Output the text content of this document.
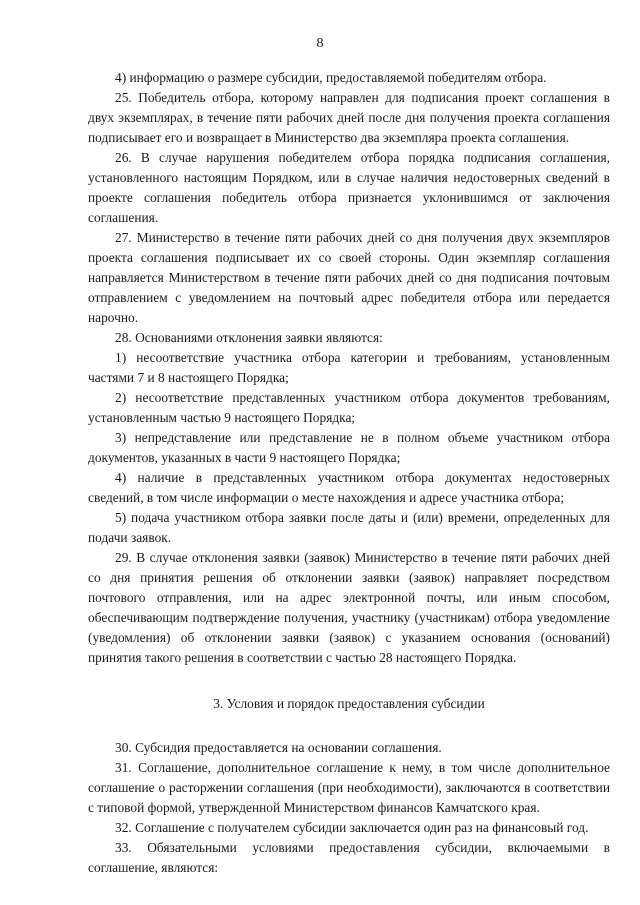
8

4) информацию о размере субсидии, предоставляемой победителям отбора.

25. Победитель отбора, которому направлен для подписания проект соглашения в двух экземплярах, в течение пяти рабочих дней после дня получения проекта соглашения подписывает его и возвращает в Министерство два экземпляра проекта соглашения.

26. В случае нарушения победителем отбора порядка подписания соглашения, установленного настоящим Порядком, или в случае наличия недостоверных сведений в проекте соглашения победитель отбора признается уклонившимся от заключения соглашения.

27. Министерство в течение пяти рабочих дней со дня получения двух экземпляров проекта соглашения подписывает их со своей стороны. Один экземпляр соглашения направляется Министерством в течение пяти рабочих дней со дня подписания почтовым отправлением с уведомлением на почтовый адрес победителя отбора или передается нарочно.

28. Основаниями отклонения заявки являются:

1) несоответствие участника отбора категории и требованиям, установленным частями 7 и 8 настоящего Порядка;

2) несоответствие представленных участником отбора документов требованиям, установленным частью 9 настоящего Порядка;

3) непредставление или представление не в полном объеме участником отбора документов, указанных в части 9 настоящего Порядка;

4) наличие в представленных участником отбора документах недостоверных сведений, в том числе информации о месте нахождения и адресе участника отбора;

5) подача участником отбора заявки после даты и (или) времени, определенных для подачи заявок.

29. В случае отклонения заявки (заявок) Министерство в течение пяти рабочих дней со дня принятия решения об отклонении заявки (заявок) направляет посредством почтового отправления, или на адрес электронной почты, или иным способом, обеспечивающим подтверждение получения, участнику (участникам) отбора уведомление (уведомления) об отклонении заявки (заявок) с указанием основания (оснований) принятия такого решения в соответствии с частью 28 настоящего Порядка.

3. Условия и порядок предоставления субсидии

30. Субсидия предоставляется на основании соглашения.

31. Соглашение, дополнительное соглашение к нему, в том числе дополнительное соглашение о расторжении соглашения (при необходимости), заключаются в соответствии с типовой формой, утвержденной Министерством финансов Камчатского края.

32. Соглашение с получателем субсидии заключается один раз на финансовый год.

33. Обязательными условиями предоставления субсидии, включаемыми в соглашение, являются:
